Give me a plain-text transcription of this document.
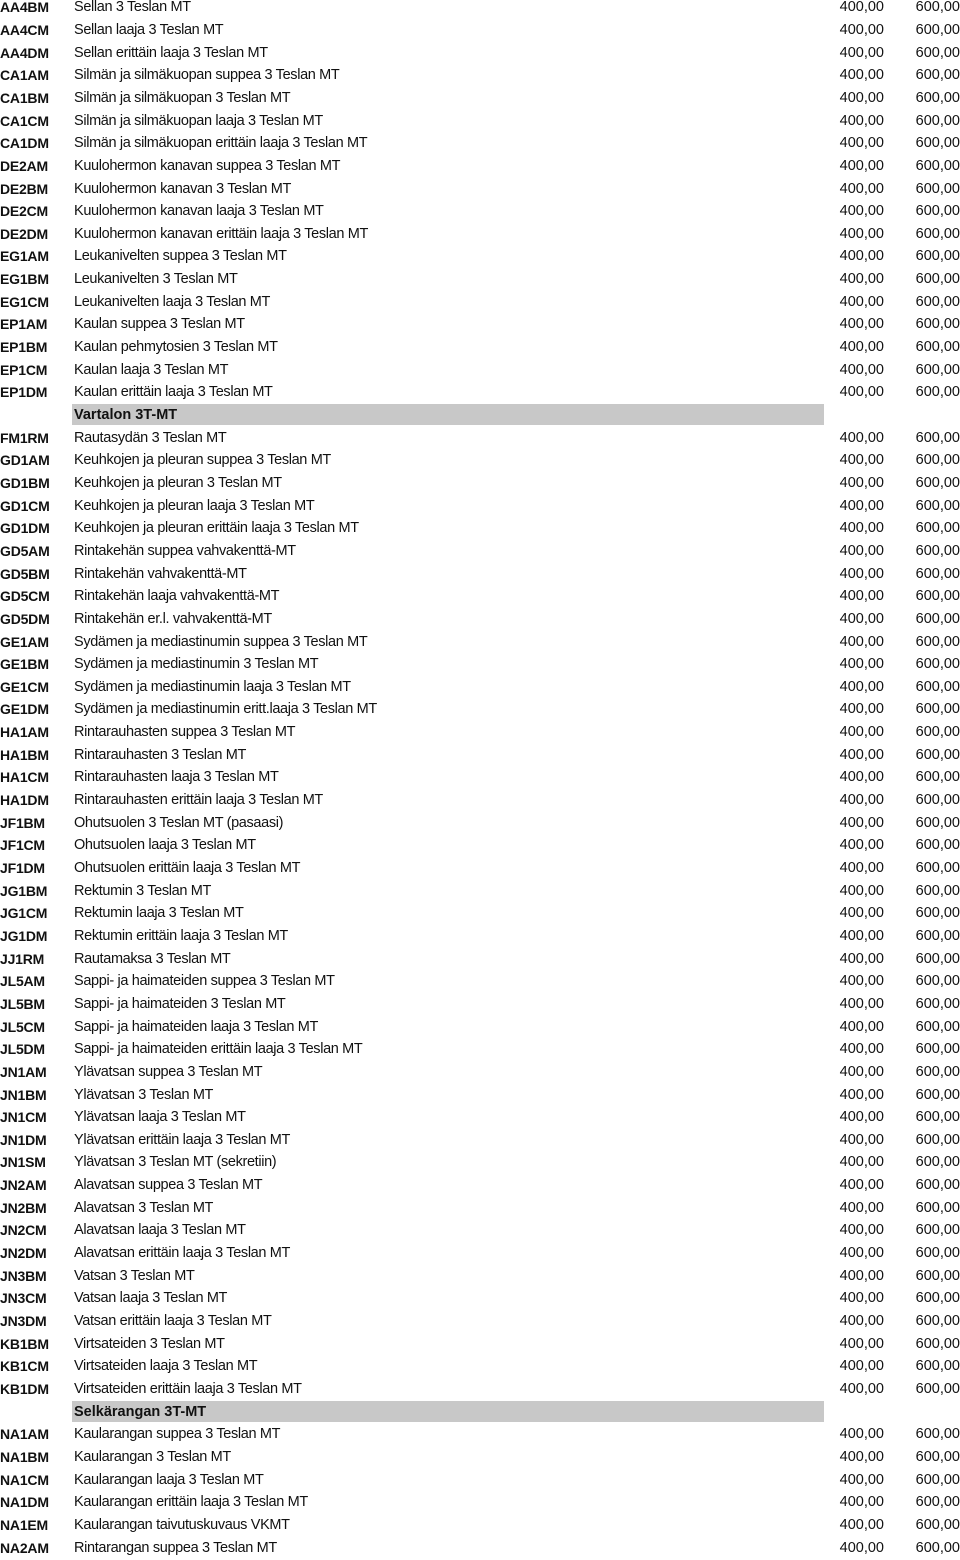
AA4BM	Sellan 3 Teslan MT	400,00	600,00
AA4CM	Sellan laaja 3 Teslan MT	400,00	600,00
AA4DM	Sellan erittäin laaja 3 Teslan MT	400,00	600,00
CA1AM	Silmän ja silmäkuopan suppea 3 Teslan MT	400,00	600,00
CA1BM	Silmän ja silmäkuopan 3 Teslan MT	400,00	600,00
CA1CM	Silmän ja silmäkuopan laaja 3 Teslan MT	400,00	600,00
CA1DM	Silmän ja silmäkuopan erittäin laaja 3 Teslan MT	400,00	600,00
DE2AM	Kuulohermon kanavan suppea 3 Teslan MT	400,00	600,00
DE2BM	Kuulohermon kanavan 3 Teslan MT	400,00	600,00
DE2CM	Kuulohermon kanavan laaja 3 Teslan MT	400,00	600,00
DE2DM	Kuulohermon kanavan erittäin laaja 3 Teslan MT	400,00	600,00
EG1AM	Leukanivelten suppea 3 Teslan MT	400,00	600,00
EG1BM	Leukanivelten 3 Teslan MT	400,00	600,00
EG1CM	Leukanivelten laaja 3 Teslan MT	400,00	600,00
EP1AM	Kaulan suppea 3 Teslan MT	400,00	600,00
EP1BM	Kaulan pehmytosien 3 Teslan MT	400,00	600,00
EP1CM	Kaulan laaja 3 Teslan MT	400,00	600,00
EP1DM	Kaulan erittäin laaja 3 Teslan MT	400,00	600,00
Vartalon 3T-MT
FM1RM	Rautasydän 3 Teslan MT	400,00	600,00
GD1AM	Keuhkojen ja pleuran suppea 3 Teslan MT	400,00	600,00
GD1BM	Keuhkojen ja pleuran 3 Teslan MT	400,00	600,00
GD1CM	Keuhkojen ja pleuran laaja 3 Teslan MT	400,00	600,00
GD1DM	Keuhkojen ja pleuran erittäin laaja 3 Teslan MT	400,00	600,00
GD5AM	Rintakehän suppea vahvakenttä-MT	400,00	600,00
GD5BM	Rintakehän vahvakenttä-MT	400,00	600,00
GD5CM	Rintakehän laaja vahvakenttä-MT	400,00	600,00
GD5DM	Rintakehän er.l. vahvakenttä-MT	400,00	600,00
GE1AM	Sydämen ja mediastinumin suppea 3 Teslan MT	400,00	600,00
GE1BM	Sydämen ja mediastinumin 3 Teslan MT	400,00	600,00
GE1CM	Sydämen ja mediastinumin laaja 3 Teslan MT	400,00	600,00
GE1DM	Sydämen ja mediastinumin eritt.laaja 3 Teslan MT	400,00	600,00
HA1AM	Rintarauhasten suppea 3 Teslan MT	400,00	600,00
HA1BM	Rintarauhasten 3 Teslan MT	400,00	600,00
HA1CM	Rintarauhasten laaja 3 Teslan MT	400,00	600,00
HA1DM	Rintarauhasten erittäin laaja 3 Teslan MT	400,00	600,00
JF1BM	Ohutsuolen 3 Teslan MT (pasaasi)	400,00	600,00
JF1CM	Ohutsuolen laaja 3 Teslan MT	400,00	600,00
JF1DM	Ohutsuolen erittäin laaja 3 Teslan MT	400,00	600,00
JG1BM	Rektumin 3 Teslan MT	400,00	600,00
JG1CM	Rektumin laaja 3 Teslan MT	400,00	600,00
JG1DM	Rektumin erittäin laaja 3 Teslan MT	400,00	600,00
JJ1RM	Rautamaksa 3 Teslan MT	400,00	600,00
JL5AM	Sappi- ja haimateiden suppea 3 Teslan MT	400,00	600,00
JL5BM	Sappi- ja haimateiden 3 Teslan MT	400,00	600,00
JL5CM	Sappi- ja haimateiden laaja 3 Teslan MT	400,00	600,00
JL5DM	Sappi- ja haimateiden erittäin laaja 3 Teslan MT	400,00	600,00
JN1AM	Ylävatsan suppea 3 Teslan MT	400,00	600,00
JN1BM	Ylävatsan 3 Teslan MT	400,00	600,00
JN1CM	Ylävatsan laaja 3 Teslan MT	400,00	600,00
JN1DM	Ylävatsan erittäin laaja 3 Teslan MT	400,00	600,00
JN1SM	Ylävatsan 3 Teslan MT (sekretiin)	400,00	600,00
JN2AM	Alavatsan suppea 3 Teslan MT	400,00	600,00
JN2BM	Alavatsan 3 Teslan MT	400,00	600,00
JN2CM	Alavatsan laaja 3 Teslan MT	400,00	600,00
JN2DM	Alavatsan erittäin laaja 3 Teslan MT	400,00	600,00
JN3BM	Vatsan 3 Teslan MT	400,00	600,00
JN3CM	Vatsan laaja 3 Teslan MT	400,00	600,00
JN3DM	Vatsan erittäin laaja 3 Teslan MT	400,00	600,00
KB1BM	Virtsateiden 3 Teslan MT	400,00	600,00
KB1CM	Virtsateiden laaja 3 Teslan MT	400,00	600,00
KB1DM	Virtsateiden erittäin laaja 3 Teslan MT	400,00	600,00
Selkärangan 3T-MT
NA1AM	Kaularangan suppea 3 Teslan MT	400,00	600,00
NA1BM	Kaularangan 3 Teslan MT	400,00	600,00
NA1CM	Kaularangan laaja 3 Teslan MT	400,00	600,00
NA1DM	Kaularangan erittäin laaja 3 Teslan MT	400,00	600,00
NA1EM	Kaularangan taivutuskuvaus VKMT	400,00	600,00
NA2AM	Rintarangan suppea 3 Teslan MT	400,00	600,00
